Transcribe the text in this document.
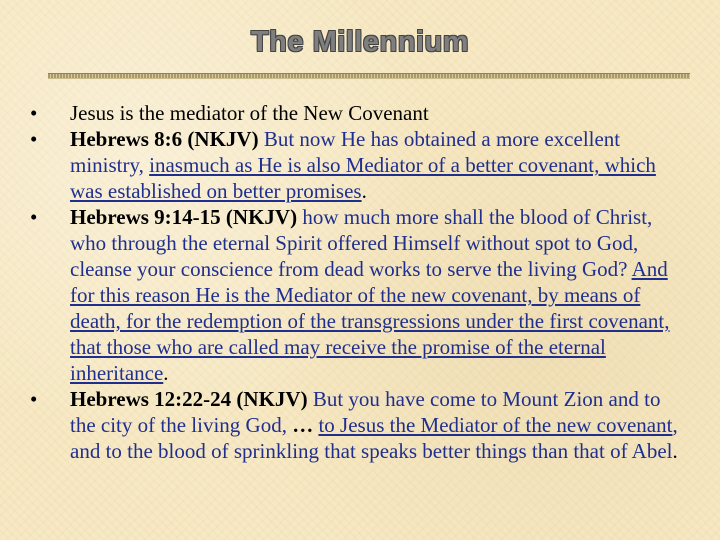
The Millennium
•	Jesus is the mediator of the New Covenant
•	Hebrews 8:6 (NKJV) But now He has obtained a more excellent ministry, inasmuch as He is also Mediator of a better covenant, which was established on better promises.
•	Hebrews 9:14-15 (NKJV) how much more shall the blood of Christ, who through the eternal Spirit offered Himself without spot to God, cleanse your conscience from dead works to serve the living God? And for this reason He is the Mediator of the new covenant, by means of death, for the redemption of the transgressions under the first covenant, that those who are called may receive the promise of the eternal inheritance.
•	Hebrews 12:22-24 (NKJV) But you have come to Mount Zion and to the city of the living God, … to Jesus the Mediator of the new covenant, and to the blood of sprinkling that speaks better things than that of Abel.
